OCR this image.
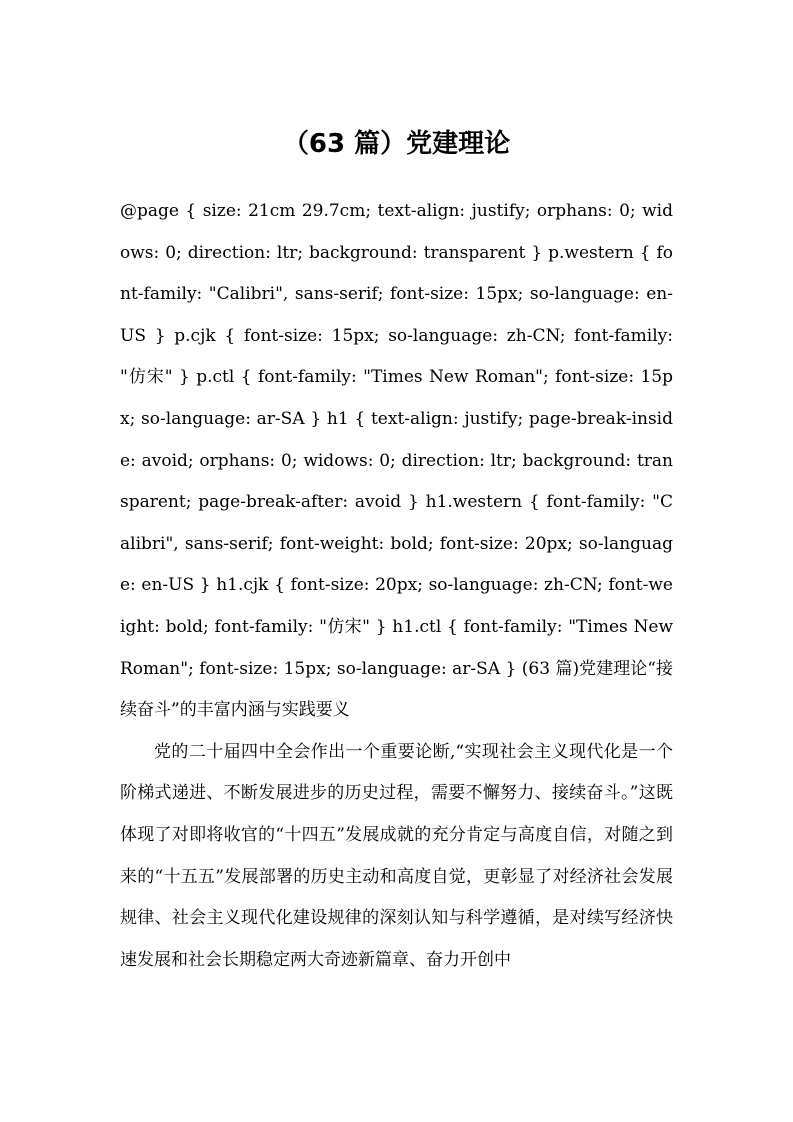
（63 篇）党建理论

@page { size: 21cm 29.7cm; text-align: justify; orphans: 0; widows: 0; direction: ltr; background: transparent } p.western { font-family: "Calibri", sans-serif; font-size: 15px; so-language: en-US } p.cjk { font-size: 15px; so-language: zh-CN; font-family: "仿宋" } p.ctl { font-family: "Times New Roman"; font-size: 15px; so-language: ar-SA } h1 { text-align: justify; page-break-inside: avoid; orphans: 0; widows: 0; direction: ltr; background: transparent; page-break-after: avoid } h1.western { font-family: "Calibri", sans-serif; font-weight: bold; font-size: 20px; so-language: en-US } h1.cjk { font-size: 20px; so-language: zh-CN; font-weight: bold; font-family: "仿宋" } h1.ctl { font-family: "Times New Roman"; font-size: 15px; so-language: ar-SA } (63 篇)党建理论“接续奋斗”的丰富内涵与实践要义

党的二十届四中全会作出一个重要论断,“实现社会主义现代化是一个阶梯式递进、不断发展进步的历史过程，需要不懈努力、接续奋斗。”这既体现了对即将收官的“十四五”发展成就的充分肯定与高度自信，对随之到来的“十五五”发展部署的历史主动和高度自觉，更彰显了对经济社会发展规律、社会主义现代化建设规律的深刻认知与科学遵循，是对续写经济快速发展和社会长期稳定两大奇迹新篇章、奋力开创中
